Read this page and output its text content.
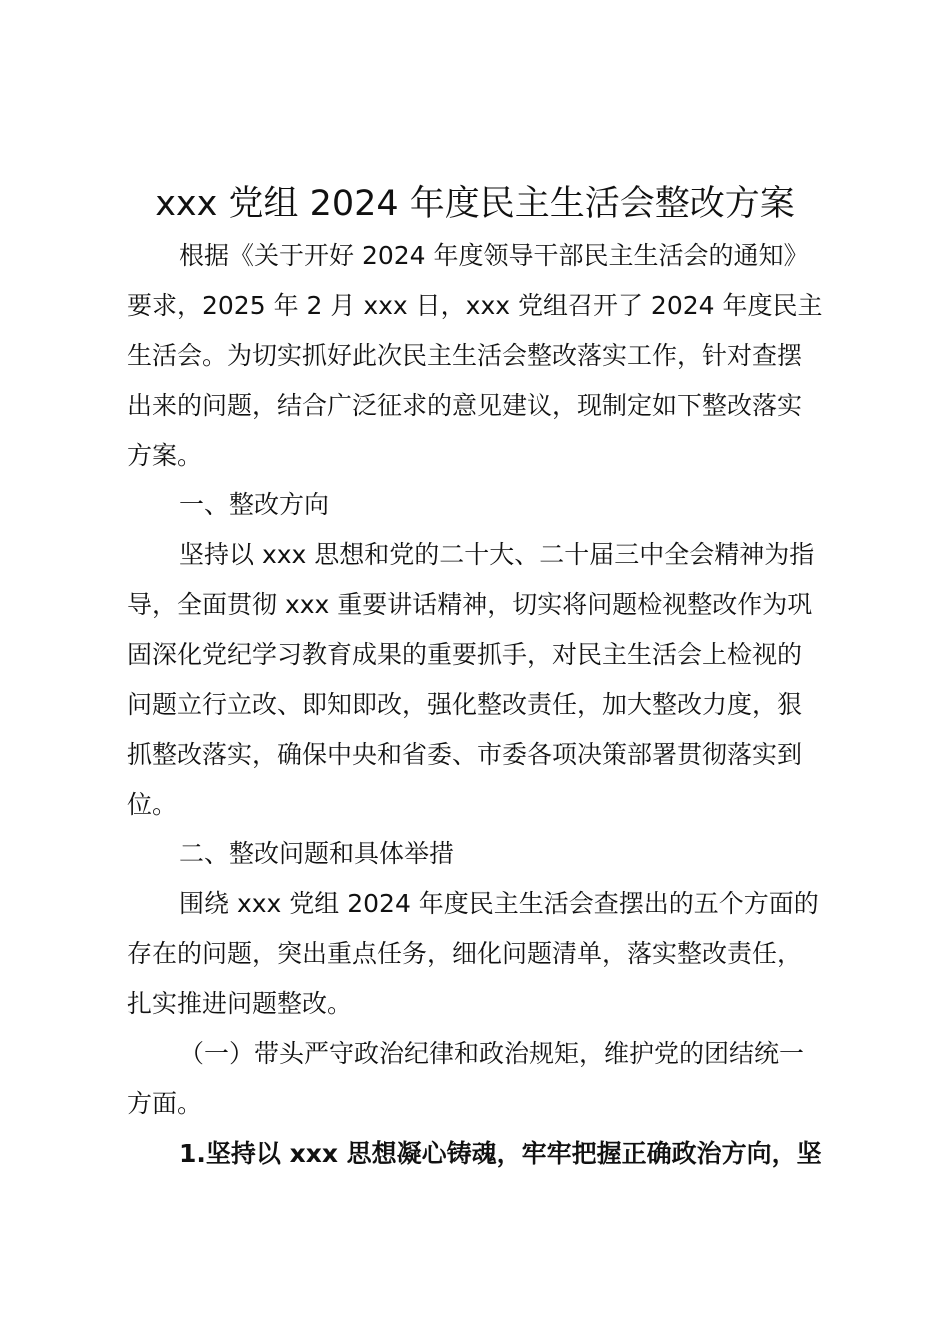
xxx 党组 2024 年度民主生活会整改方案

根据《关于开好 2024 年度领导干部民主生活会的通知》
要求，2025 年 2 月 xxx 日，xxx 党组召开了 2024 年度民主
生活会。为切实抓好此次民主生活会整改落实工作，针对查摆
出来的问题，结合广泛征求的意见建议，现制定如下整改落实
方案。

一、整改方向

坚持以 xxx 思想和党的二十大、二十届三中全会精神为指
导，全面贯彻 xxx 重要讲话精神，切实将问题检视整改作为巩
固深化党纪学习教育成果的重要抓手，对民主生活会上检视的
问题立行立改、即知即改，强化整改责任，加大整改力度，狠
抓整改落实，确保中央和省委、市委各项决策部署贯彻落实到
位。

二、整改问题和具体举措

围绕 xxx 党组 2024 年度民主生活会查摆出的五个方面的
存在的问题，突出重点任务，细化问题清单，落实整改责任，
扎实推进问题整改。

（一）带头严守政治纪律和政治规矩，维护党的团结统一
方面。

1.坚持以 xxx 思想凝心铸魂，牢牢把握正确政治方向，坚
